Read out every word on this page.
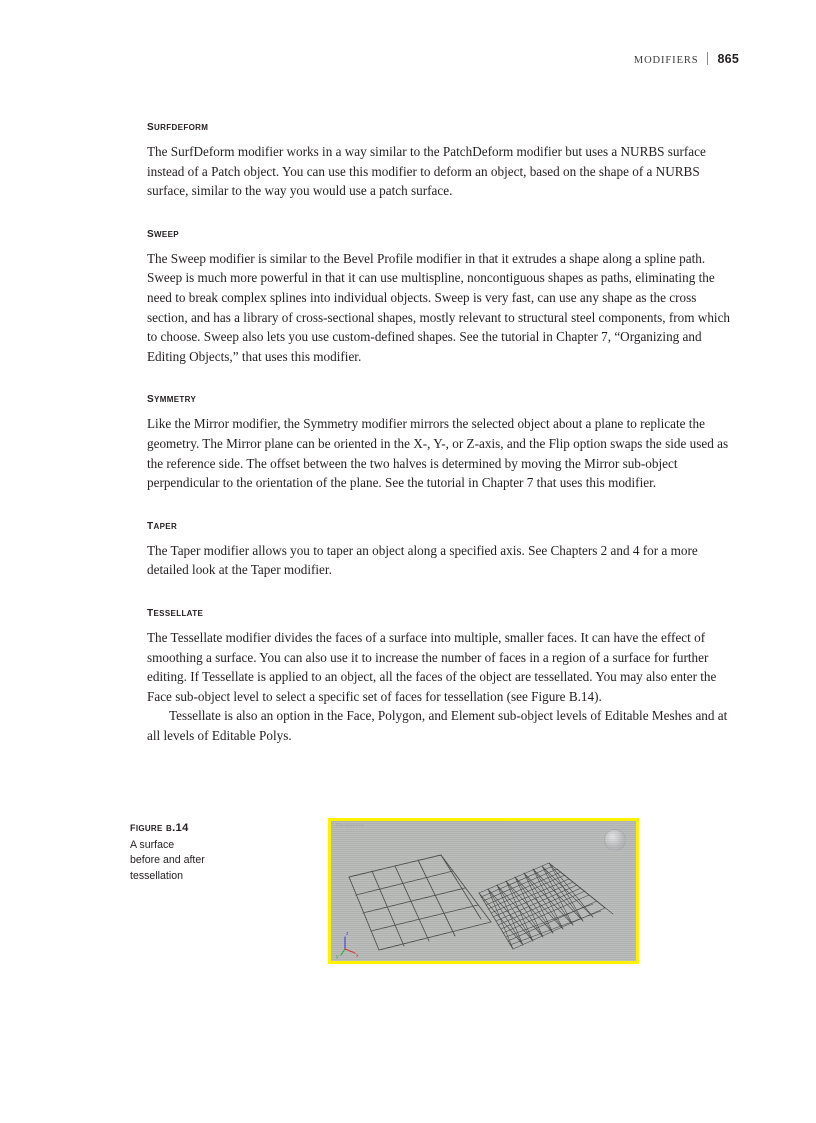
MODIFIERS	865
surfdeform

The SurfDeform modifier works in a way similar to the PatchDeform modifier but uses a NURBS surface instead of a Patch object. You can use this modifier to deform an object, based on the shape of a NURBS surface, similar to the way you would use a patch surface.

sweep

The Sweep modifier is similar to the Bevel Profile modifier in that it extrudes a shape along a spline path. Sweep is much more powerful in that it can use multispline, noncontiguous shapes as paths, eliminating the need to break complex splines into individual objects. Sweep is very fast, can use any shape as the cross section, and has a library of cross-sectional shapes, mostly relevant to structural steel components, from which to choose. Sweep also lets you use custom-defined shapes. See the tutorial in Chapter 7, “Organizing and Editing Objects,” that uses this modifier.

symmetry

Like the Mirror modifier, the Symmetry modifier mirrors the selected object about a plane to replicate the geometry. The Mirror plane can be oriented in the X-, Y-, or Z-axis, and the Flip option swaps the side used as the reference side. The offset between the two halves is determined by moving the Mirror sub-object perpendicular to the orientation of the plane. See the tutorial in Chapter 7 that uses this modifier.

taper

The Taper modifier allows you to taper an object along a specified axis. See Chapters 2 and 4 for a more detailed look at the Taper modifier.

tessellate

The Tessellate modifier divides the faces of a surface into multiple, smaller faces. It can have the effect of smoothing a surface. You can also use it to increase the number of faces in a region of a surface for further editing. If Tessellate is applied to an object, all the faces of the object are tessellated. You may also enter the Face sub-object level to select a specific set of faces for tessellation (see Figure B.14).

Tessellate is also an option in the Face, Polygon, and Element sub-object levels of Editable Meshes and at all levels of Editable Polys.

figure b.14
A surface
before and after
tessellation
z
y	x
Perspective
